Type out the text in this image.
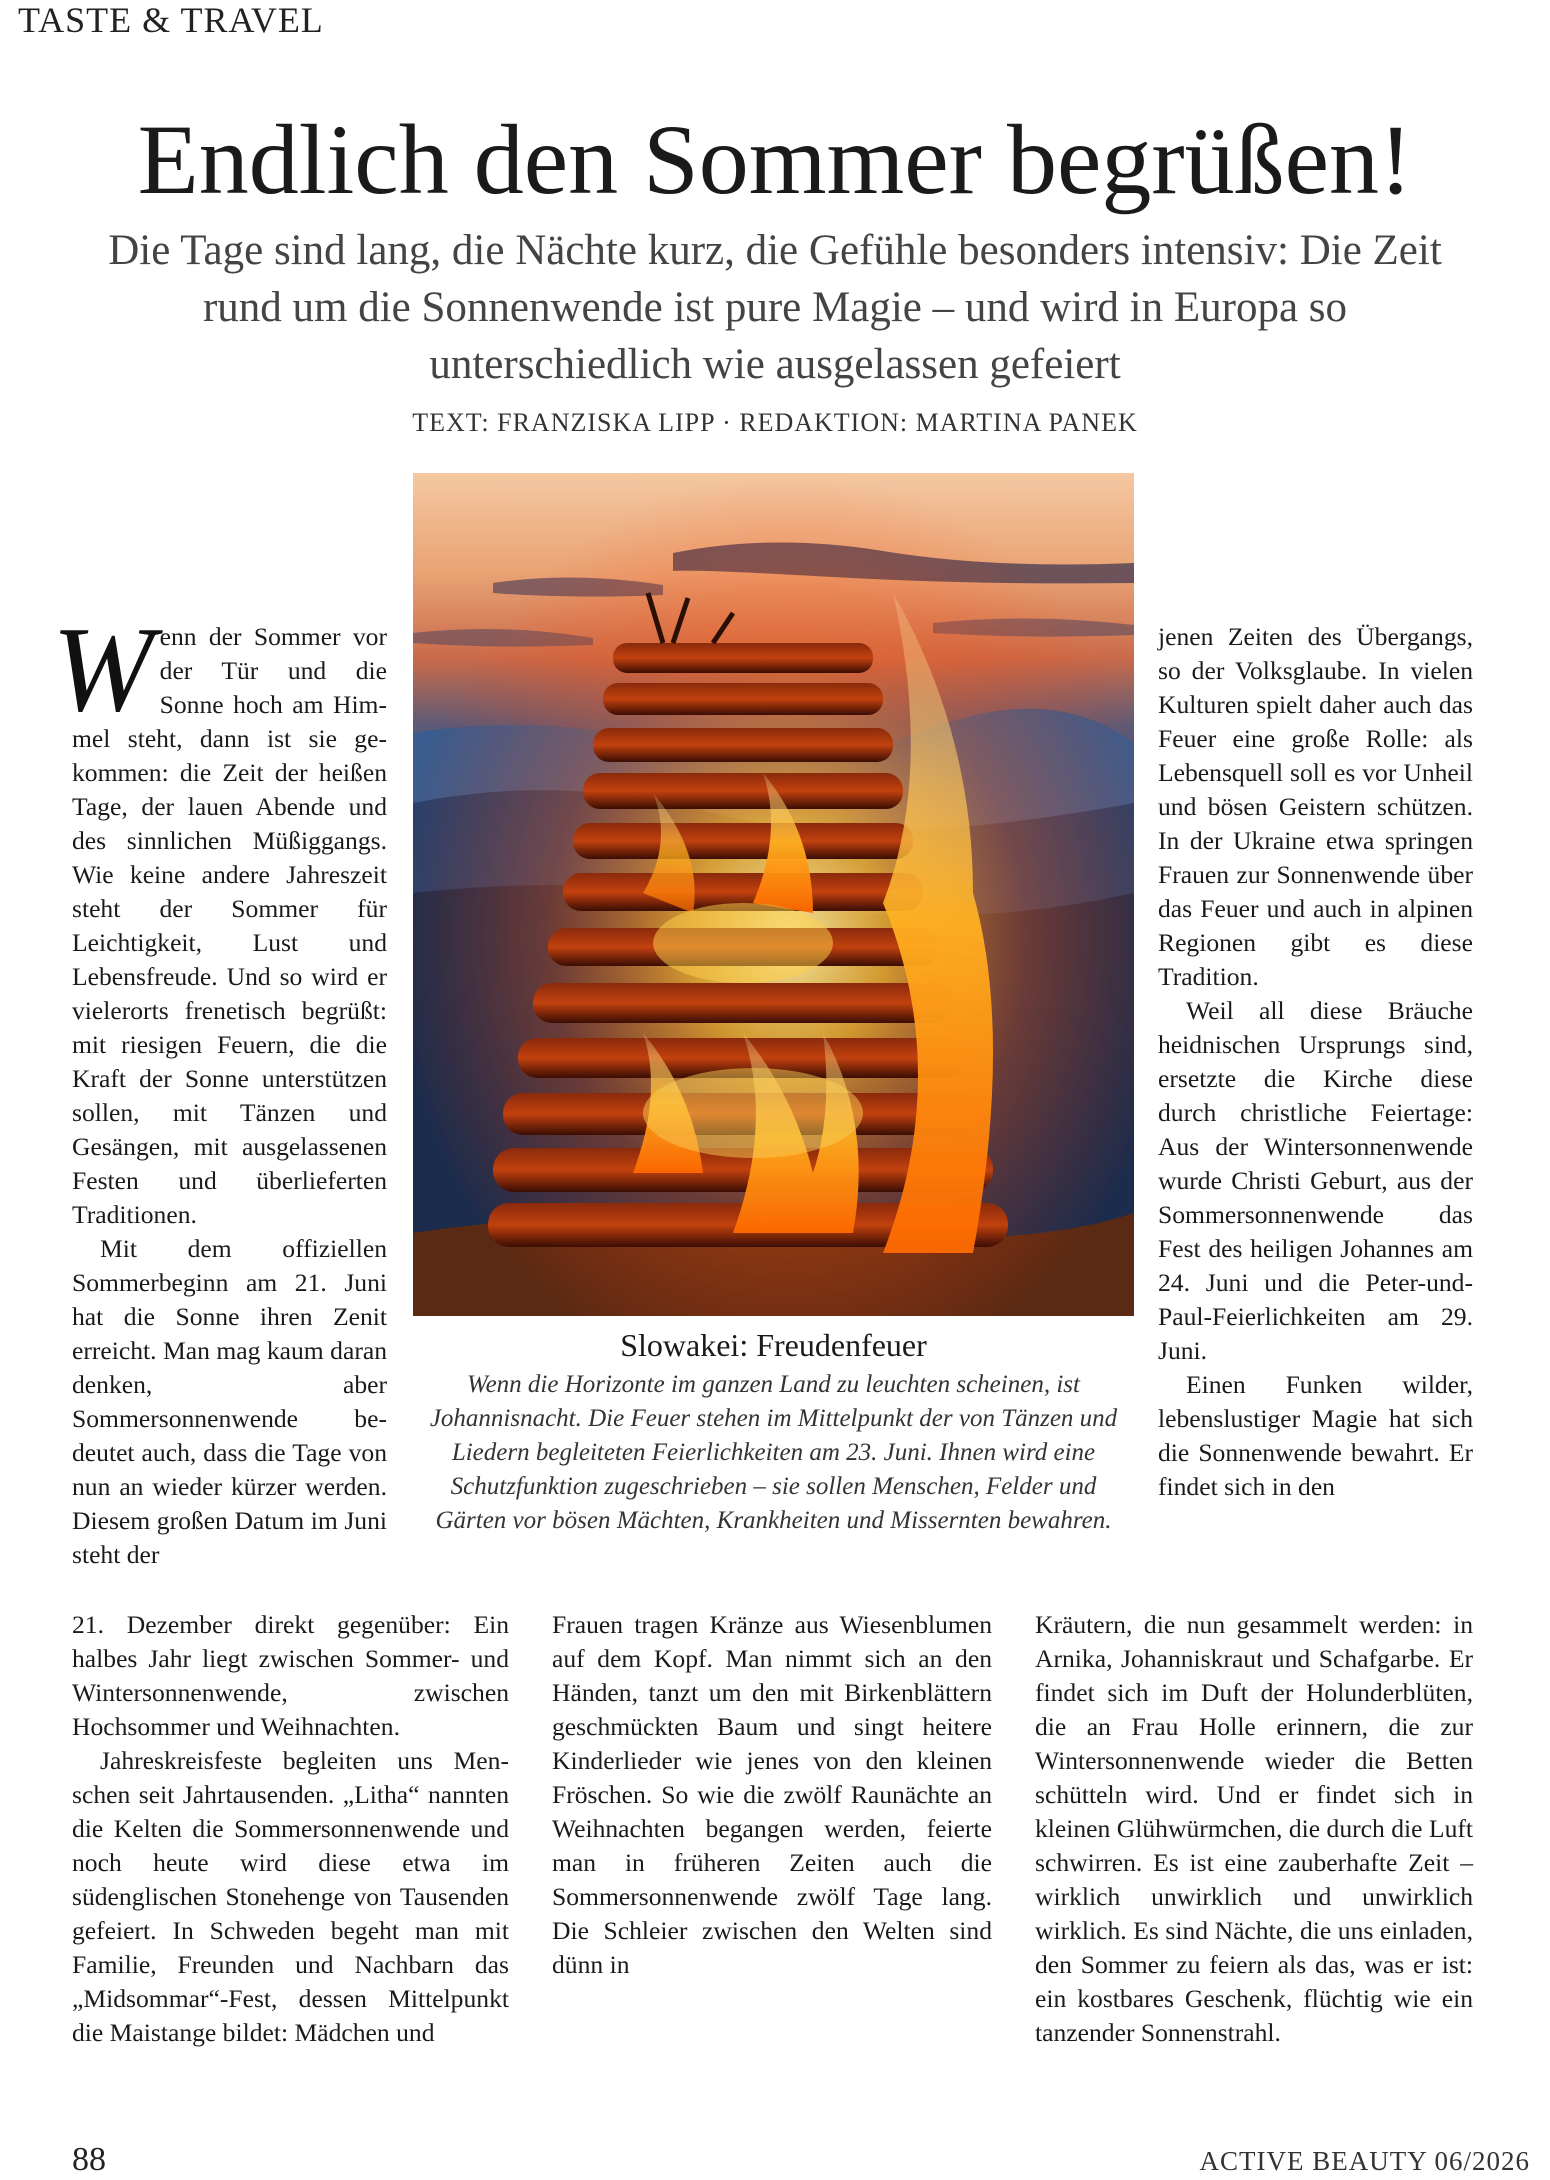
TASTE & TRAVEL
Endlich den Sommer begrüßen!

Die Tage sind lang, die Nächte kurz, die Gefühle besonders intensiv: Die Zeit rund um die Sonnenwende ist pure Magie – und wird in Europa so unterschiedlich wie ausgelassen gefeiert

TEXT: FRANZISKA LIPP · REDAKTION: MARTINA PANEK

Wenn der Sommer vor der Tür und die Sonne hoch am Himmel steht, dann ist sie gekommen: die Zeit der heißen Tage, der lauen Abende und des sinnlichen Müßiggangs. Wie keine andere Jahreszeit steht der Sommer für Leichtigkeit, Lust und Lebensfreude. Und so wird er vielerorts frenetisch begrüßt: mit riesigen Feuern, die die Kraft der Sonne unterstützen sollen, mit Tänzen und Gesängen, mit ausgelassenen Festen und überlieferten Traditionen.

Mit dem offiziellen Sommerbeginn am 21. Juni hat die Sonne ihren Zenit erreicht. Man mag kaum daran denken, aber Sommersonnenwende bedeutet auch, dass die Tage von nun an wieder kürzer werden. Diesem großen Datum im Juni steht der

Slowakei: Freudenfeuer
Wenn die Horizonte im ganzen Land zu leuchten scheinen, ist Johannisnacht. Die Feuer stehen im Mittelpunkt der von Tänzen und Liedern begleiteten Feierlichkeiten am 23. Juni. Ihnen wird eine Schutzfunktion zugeschrieben – sie sollen Menschen, Felder und Gärten vor bösen Mächten, Krankheiten und Missernten bewahren.

jenen Zeiten des Übergangs, so der Volksglaube. In vielen Kulturen spielt daher auch das Feuer eine große Rolle: als Lebensquell soll es vor Unheil und bösen Geistern schützen. In der Ukraine etwa springen Frauen zur Sonnenwende über das Feuer und auch in alpinen Regionen gibt es diese Tradition.

Weil all diese Bräuche heidnischen Ursprungs sind, ersetzte die Kirche diese durch christliche Feiertage: Aus der Wintersonnenwende wurde Christi Geburt, aus der Sommersonnenwende das Fest des heiligen Johannes am 24. Juni und die Peter-und-Paul-Feierlichkeiten am 29. Juni.

Einen Funken wilder, lebenslustiger Magie hat sich die Sonnenwende bewahrt. Er findet sich in den

21. Dezember direkt gegenüber: Ein halbes Jahr liegt zwischen Sommer- und Wintersonnenwende, zwischen Hochsommer und Weihnachten.

Jahreskreisfeste begleiten uns Menschen seit Jahrtausenden. „Litha“ nannten die Kelten die Sommersonnenwende und noch heute wird diese etwa im südenglischen Stonehenge von Tausenden gefeiert. In Schweden begeht man mit Familie, Freunden und Nachbarn das „Midsommar“-Fest, dessen Mittelpunkt die Maistange bildet: Mädchen und

Frauen tragen Kränze aus Wiesenblumen auf dem Kopf. Man nimmt sich an den Händen, tanzt um den mit Birkenblättern geschmückten Baum und singt heitere Kinderlieder wie jenes von den kleinen Fröschen. So wie die zwölf Raunächte an Weihnachten begangen werden, feierte man in früheren Zeiten auch die Sommersonnenwende zwölf Tage lang. Die Schleier zwischen den Welten sind dünn in

Kräutern, die nun gesammelt werden: in Arnika, Johanniskraut und Schafgarbe. Er findet sich im Duft der Holunderblüten, die an Frau Holle erinnern, die zur Wintersonnenwende wieder die Betten schütteln wird. Und er findet sich in kleinen Glühwürmchen, die durch die Luft schwirren. Es ist eine zauberhafte Zeit – wirklich unwirklich und unwirklich wirklich. Es sind Nächte, die uns einladen, den Sommer zu feiern als das, was er ist: ein kostbares Geschenk, flüchtig wie ein tanzender Sonnenstrahl.

88	ACTIVE BEAUTY 06/2026
